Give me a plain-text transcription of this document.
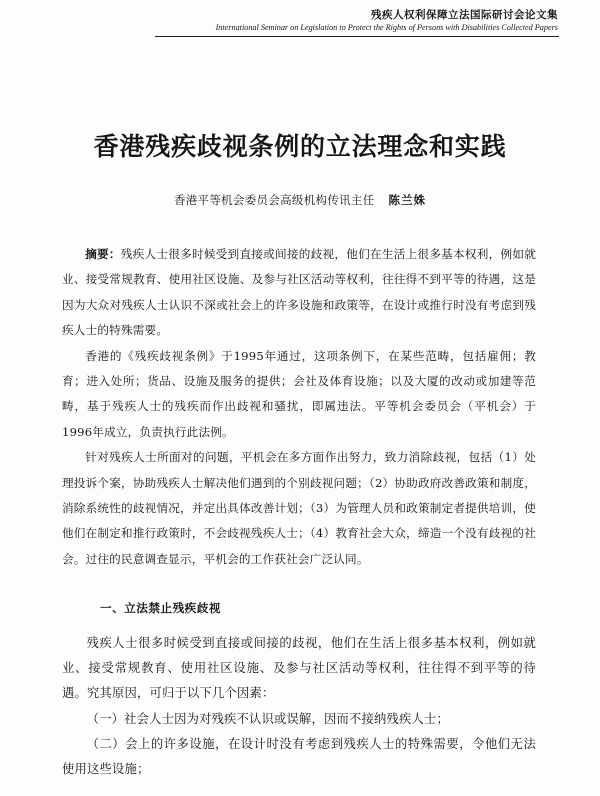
残疾人权利保障立法国际研讨会论文集
International Seminar on Legislation to Protect the Rights of Persons with Disabilities Collected Papers
香港残疾歧视条例的立法理念和实践
香港平等机会委员会高级机构传讯主任 陈兰姝

摘要：残疾人士很多时候受到直接或间接的歧视，他们在生活上很多基本权利，例如就业、接受常规教育、使用社区设施、及参与社区活动等权利，往往得不到平等的待遇，这是因为大众对残疾人士认识不深或社会上的许多设施和政策等，在设计或推行时没有考虑到残疾人士的特殊需要。

香港的《残疾歧视条例》于1995年通过，这项条例下，在某些范畴，包括雇佣；教育；进入处所；货品、设施及服务的提供；会社及体育设施；以及大厦的改动或加建等范畴，基于残疾人士的残疾而作出歧视和骚扰，即属违法。平等机会委员会（平机会）于1996年成立，负责执行此法例。

针对残疾人士所面对的问题，平机会在多方面作出努力，致力消除歧视，包括（1）处理投诉个案，协助残疾人士解决他们遇到的个别歧视问题；（2）协助政府改善政策和制度，消除系统性的歧视情况，并定出具体改善计划；（3）为管理人员和政策制定者提供培训，使他们在制定和推行政策时，不会歧视残疾人士；（4）教育社会大众，缔造一个没有歧视的社会。过往的民意调查显示，平机会的工作获社会广泛认同。

一、立法禁止残疾歧视

残疾人士很多时候受到直接或间接的歧视，他们在生活上很多基本权利，例如就业、接受常规教育、使用社区设施、及参与社区活动等权利，往往得不到平等的待遇。究其原因，可归于以下几个因素：

（一）社会人士因为对残疾不认识或误解，因而不接纳残疾人士；

（二）会上的许多设施，在设计时没有考虑到残疾人士的特殊需要，令他们无法使用这些设施；
